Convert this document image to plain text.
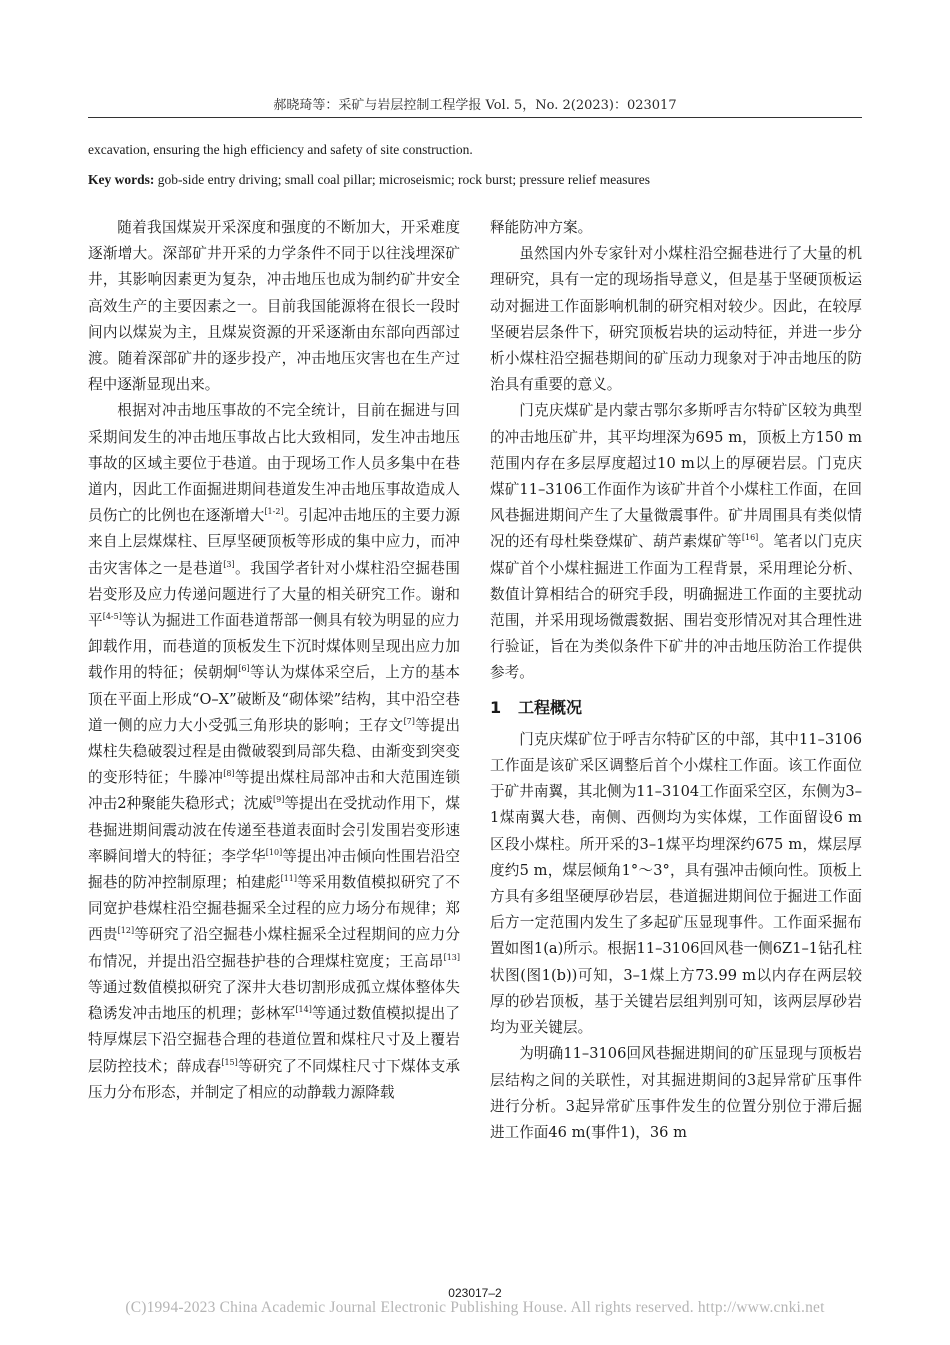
郝晓琦等：采矿与岩层控制工程学报 Vol. 5，No. 2(2023)：023017
excavation, ensuring the high efficiency and safety of site construction.
Key words: gob-side entry driving; small coal pillar; microseismic; rock burst; pressure relief measures

随着我国煤炭开采深度和强度的不断加大，开采难度逐渐增大。深部矿井开采的力学条件不同于以往浅埋深矿井，其影响因素更为复杂，冲击地压也成为制约矿井安全高效生产的主要因素之一。目前我国能源将在很长一段时间内以煤炭为主，且煤炭资源的开采逐渐由东部向西部过渡。随着深部矿井的逐步投产，冲击地压灾害也在生产过程中逐渐显现出来。

根据对冲击地压事故的不完全统计，目前在掘进与回采期间发生的冲击地压事故占比大致相同，发生冲击地压事故的区域主要位于巷道。由于现场工作人员多集中在巷道内，因此工作面掘进期间巷道发生冲击地压事故造成人员伤亡的比例也在逐渐增大[1-2]。引起冲击地压的主要力源来自上层煤煤柱、巨厚坚硬顶板等形成的集中应力，而冲击灾害体之一是巷道[3]。我国学者针对小煤柱沿空掘巷围岩变形及应力传递问题进行了大量的相关研究工作。谢和平[4-5]等认为掘进工作面巷道帮部一侧具有较为明显的应力卸载作用，而巷道的顶板发生下沉时煤体则呈现出应力加载作用的特征；侯朝炯[6]等认为煤体采空后，上方的基本顶在平面上形成“O–X”破断及“砌体梁”结构，其中沿空巷道一侧的应力大小受弧三角形块的影响；王存文[7]等提出煤柱失稳破裂过程是由微破裂到局部失稳、由渐变到突变的变形特征；牛滕冲[8]等提出煤柱局部冲击和大范围连锁冲击2种聚能失稳形式；沈威[9]等提出在受扰动作用下，煤巷掘进期间震动波在传递至巷道表面时会引发围岩变形速率瞬间增大的特征；李学华[10]等提出冲击倾向性围岩沿空掘巷的防冲控制原理；柏建彪[11]等采用数值模拟研究了不同宽护巷煤柱沿空掘巷掘采全过程的应力场分布规律；郑西贵[12]等研究了沿空掘巷小煤柱掘采全过程期间的应力分布情况，并提出沿空掘巷护巷的合理煤柱宽度；王高昂[13]等通过数值模拟研究了深井大巷切割形成孤立煤体整体失稳诱发冲击地压的机理；彭林军[14]等通过数值模拟提出了特厚煤层下沿空掘巷合理的巷道位置和煤柱尺寸及上覆岩层防控技术；薛成春[15]等研究了不同煤柱尺寸下煤体支承压力分布形态，并制定了相应的动静载力源降载

释能防冲方案。

虽然国内外专家针对小煤柱沿空掘巷进行了大量的机理研究，具有一定的现场指导意义，但是基于坚硬顶板运动对掘进工作面影响机制的研究相对较少。因此，在较厚坚硬岩层条件下，研究顶板岩块的运动特征，并进一步分析小煤柱沿空掘巷期间的矿压动力现象对于冲击地压的防治具有重要的意义。

门克庆煤矿是内蒙古鄂尔多斯呼吉尔特矿区较为典型的冲击地压矿井，其平均埋深为695 m，顶板上方150 m范围内存在多层厚度超过10 m以上的厚硬岩层。门克庆煤矿11–3106工作面作为该矿井首个小煤柱工作面，在回风巷掘进期间产生了大量微震事件。矿井周围具有类似情况的还有母杜柴登煤矿、葫芦素煤矿等[16]。笔者以门克庆煤矿首个小煤柱掘进工作面为工程背景，采用理论分析、数值计算相结合的研究手段，明确掘进工作面的主要扰动范围，并采用现场微震数据、围岩变形情况对其合理性进行验证，旨在为类似条件下矿井的冲击地压防治工作提供参考。

1 工程概况

门克庆煤矿位于呼吉尔特矿区的中部，其中11–3106工作面是该矿采区调整后首个小煤柱工作面。该工作面位于矿井南翼，其北侧为11–3104工作面采空区，东侧为3–1煤南翼大巷，南侧、西侧均为实体煤，工作面留设6 m区段小煤柱。所开采的3–1煤平均埋深约675 m，煤层厚度约5 m，煤层倾角1°～3°，具有强冲击倾向性。顶板上方具有多组坚硬厚砂岩层，巷道掘进期间位于掘进工作面后方一定范围内发生了多起矿压显现事件。工作面采掘布置如图1(a)所示。根据11–3106回风巷一侧6Z1–1钻孔柱状图(图1(b))可知，3–1煤上方73.99 m以内存在两层较厚的砂岩顶板，基于关键岩层组判别可知，该两层厚砂岩均为亚关键层。

为明确11–3106回风巷掘进期间的矿压显现与顶板岩层结构之间的关联性，对其掘进期间的3起异常矿压事件进行分析。3起异常矿压事件发生的位置分别位于滞后掘进工作面46 m(事件1)，36 m

023017–2
(C)1994-2023 China Academic Journal Electronic Publishing House. All rights reserved. http://www.cnki.net
